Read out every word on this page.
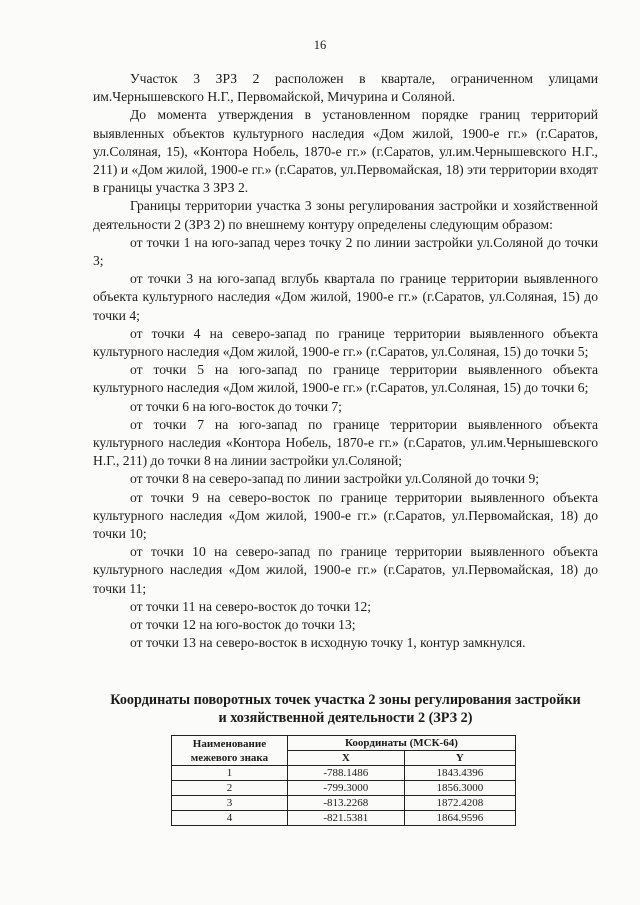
16

Участок 3 ЗРЗ 2 расположен в квартале, ограниченном улицами им.Чернышевского Н.Г., Первомайской, Мичурина и Соляной.

До момента утверждения в установленном порядке границ территорий выявленных объектов культурного наследия «Дом жилой, 1900-е гг.» (г.Саратов, ул.Соляная, 15), «Контора Нобель, 1870-е гг.» (г.Саратов, ул.им.Чернышевского Н.Г., 211) и «Дом жилой, 1900-е гг.» (г.Саратов, ул.Первомайская, 18) эти территории входят в границы участка 3 ЗРЗ 2.

Границы территории участка 3 зоны регулирования застройки и хозяйственной деятельности 2 (ЗРЗ 2) по внешнему контуру определены следующим образом:

от точки 1 на юго-запад через точку 2 по линии застройки ул.Соляной до точки 3;

от точки 3 на юго-запад вглубь квартала по границе территории выявленного объекта культурного наследия «Дом жилой, 1900-е гг.» (г.Саратов, ул.Соляная, 15) до точки 4;

от точки 4 на северо-запад по границе территории выявленного объекта культурного наследия «Дом жилой, 1900-е гг.» (г.Саратов, ул.Соляная, 15) до точки 5;

от точки 5 на юго-запад по границе территории выявленного объекта культурного наследия «Дом жилой, 1900-е гг.» (г.Саратов, ул.Соляная, 15) до точки 6;

от точки 6 на юго-восток до точки 7;

от точки 7 на юго-запад по границе территории выявленного объекта культурного наследия «Контора Нобель, 1870-е гг.» (г.Саратов, ул.им.Чернышевского Н.Г., 211) до точки 8 на линии застройки ул.Соляной;

от точки 8 на северо-запад по линии застройки ул.Соляной до точки 9;

от точки 9 на северо-восток по границе территории выявленного объекта культурного наследия «Дом жилой, 1900-е гг.» (г.Саратов, ул.Первомайская, 18) до точки 10;

от точки 10 на северо-запад по границе территории выявленного объекта культурного наследия «Дом жилой, 1900-е гг.» (г.Саратов, ул.Первомайская, 18) до точки 11;

от точки 11 на северо-восток до точки 12;

от точки 12 на юго-восток до точки 13;

от точки 13 на северо-восток в исходную точку 1, контур замкнулся.

Координаты поворотных точек участка 2 зоны регулирования застройки
и хозяйственной деятельности 2 (ЗРЗ 2)
Наименование межевого знака	Координаты (МСК-64)	
	X	Y
1	-788.1486	1843.4396
2	-799.3000	1856.3000
3	-813.2268	1872.4208
4	-821.5381	1864.9596
